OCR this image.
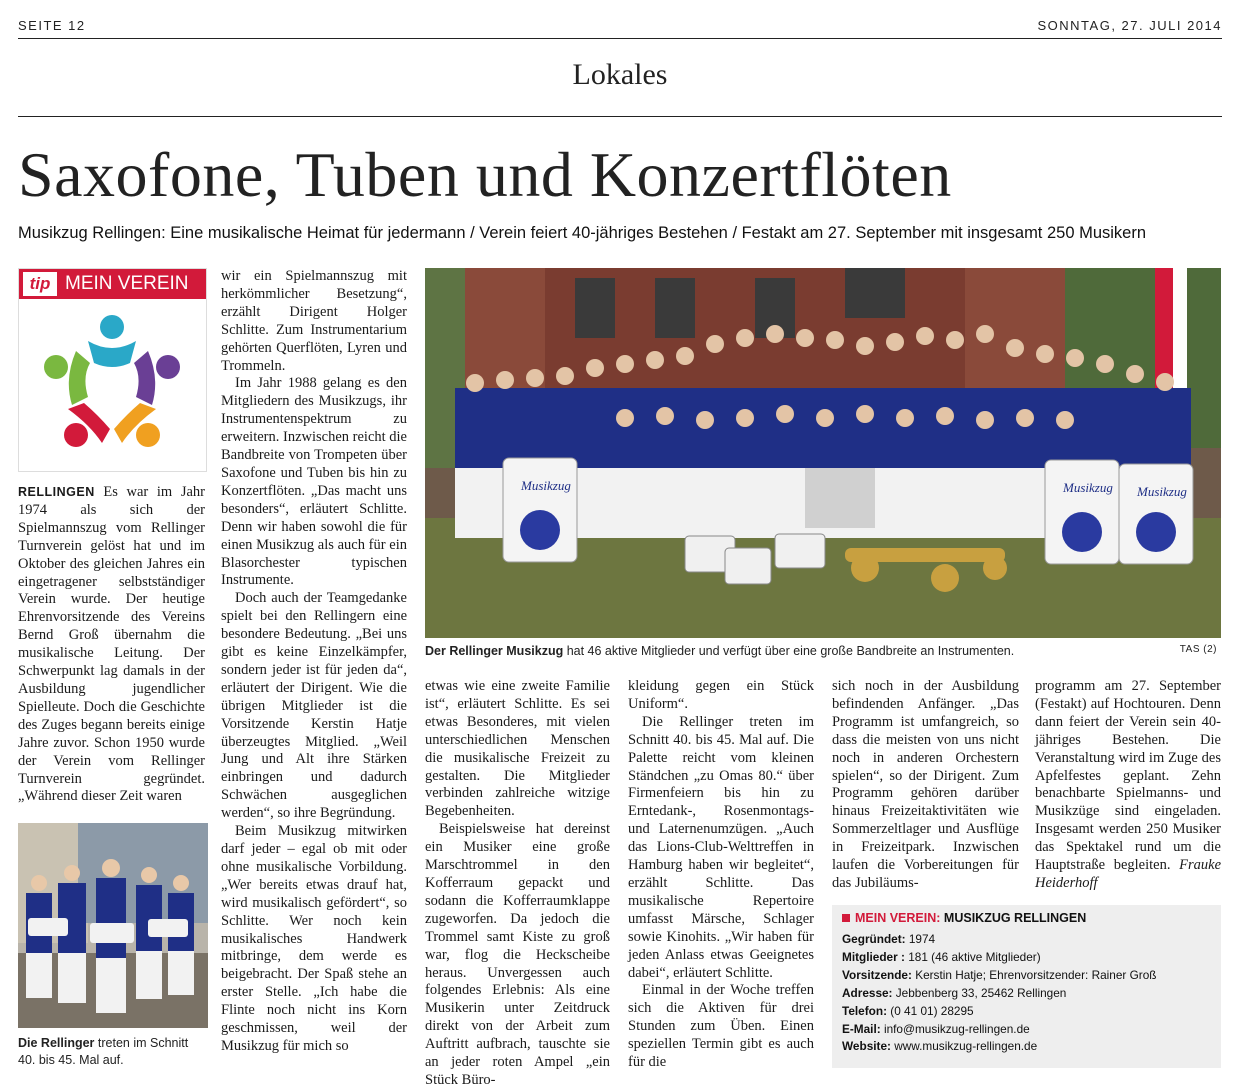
SEITE 12	SONNTAG, 27. JULI 2014
Lokales
Saxofone, Tuben und Konzertflöten
Musikzug Rellingen: Eine musikalische Heimat für jedermann / Verein feiert 40-jähriges Bestehen / Festakt am 27. September mit insgesamt 250 Musikern
tip MEIN VEREIN

RELLINGEN Es war im Jahr 1974 als sich der Spielmannszug vom Rellinger Turnverein gelöst hat und im Oktober des gleichen Jahres ein eingetragener selbstständiger Verein wurde. Der heutige Ehrenvorsitzende des Vereins Bernd Groß übernahm die musikalische Leitung. Der Schwerpunkt lag damals in der Ausbildung jugendlicher Spielleute. Doch die Geschichte des Zuges begann bereits einige Jahre zuvor. Schon 1950 wurde der Verein vom Rellinger Turnverein gegründet. „Während dieser Zeit waren

Die Rellinger treten im Schnitt 40. bis 45. Mal auf.

wir ein Spielmannszug mit herkömmlicher Besetzung“, erzählt Dirigent Holger Schlitte. Zum Instrumentarium gehörten Querflöten, Lyren und Trommeln.

Im Jahr 1988 gelang es den Mitgliedern des Musikzugs, ihr Instrumentenspektrum zu erweitern. Inzwischen reicht die Bandbreite von Trompeten über Saxofone und Tuben bis hin zu Konzertflöten. „Das macht uns besonders“, erläutert Schlitte. Denn wir haben sowohl die für einen Musikzug als auch für ein Blasorchester typischen Instrumente.

Doch auch der Teamgedanke spielt bei den Rellingern eine besondere Bedeutung. „Bei uns gibt es keine Einzelkämpfer, sondern jeder ist für jeden da“, erläutert der Dirigent. Wie die übrigen Mitglieder ist die Vorsitzende Kerstin Hatje überzeugtes Mitglied. „Weil Jung und Alt ihre Stärken einbringen und dadurch Schwächen ausgeglichen werden“, so ihre Begründung.

Beim Musikzug mitwirken darf jeder – egal ob mit oder ohne musikalische Vorbildung. „Wer bereits etwas drauf hat, wird musikalisch gefördert“, so Schlitte. Wer noch kein musikalisches Handwerk mitbringe, dem werde es beigebracht. Der Spaß stehe an erster Stelle. „Ich habe die Flinte noch nicht ins Korn geschmissen, weil der Musikzug für mich so

Musikzug	Musikzug Musikzug
Der Rellinger Musikzug hat 46 aktive Mitglieder und verfügt über eine große Bandbreite an Instrumenten.	TAS (2)

etwas wie eine zweite Familie ist“, erläutert Schlitte. Es sei etwas Besonderes, mit vielen unterschiedlichen Menschen die musikalische Freizeit zu gestalten. Die Mitglieder verbinden zahlreiche witzige Begebenheiten.

Beispielsweise hat dereinst ein Musiker eine große Marschtrommel in den Kofferraum gepackt und sodann die Kofferraumklappe zugeworfen. Da jedoch die Trommel samt Kiste zu groß war, flog die Heckscheibe heraus. Unvergessen auch folgendes Erlebnis: Als eine Musikerin unter Zeitdruck direkt von der Arbeit zum Auftritt aufbrach, tauschte sie an jeder roten Ampel „ein Stück Büro-

kleidung gegen ein Stück Uniform“.

Die Rellinger treten im Schnitt 40. bis 45. Mal auf. Die Palette reicht vom kleinen Ständchen „zu Omas 80.“ über Firmenfeiern bis hin zu Erntedank-, Rosenmontags- und Laternenumzügen. „Auch das Lions-Club-Welttreffen in Hamburg haben wir begleitet“, erzählt Schlitte. Das musikalische Repertoire umfasst Märsche, Schlager sowie Kinohits. „Wir haben für jeden Anlass etwas Geeignetes dabei“, erläutert Schlitte.

Einmal in der Woche treffen sich die Aktiven für drei Stunden zum Üben. Einen speziellen Termin gibt es auch für die

sich noch in der Ausbildung befindenden Anfänger. „Das Programm ist umfangreich, so dass die meisten von uns nicht noch in anderen Orchestern spielen“, so der Dirigent. Zum Programm gehören darüber hinaus Freizeitaktivitäten wie Sommerzeltlager und Ausflüge in Freizeitpark. Inzwischen laufen die Vorbereitungen für das Jubiläums-

programm am 27. September (Festakt) auf Hochtouren. Denn dann feiert der Verein sein 40-jähriges Bestehen. Die Veranstaltung wird im Zuge des Apfelfestes geplant. Zehn benachbarte Spielmanns- und Musikzüge sind eingeladen. Insgesamt werden 250 Musiker das Spektakel rund um die Hauptstraße begleiten. Frauke Heiderhoff

MEIN VEREIN: MUSIKZUG RELLINGEN
Gegründet: 1974
Mitglieder : 181 (46 aktive Mitglieder)
Vorsitzende: Kerstin Hatje; Ehrenvorsitzender: Rainer Groß
Adresse: Jebbenberg 33, 25462 Rellingen
Telefon: (0 41 01) 28295
E-Mail: info@musikzug-rellingen.de
Website: www.musikzug-rellingen.de
